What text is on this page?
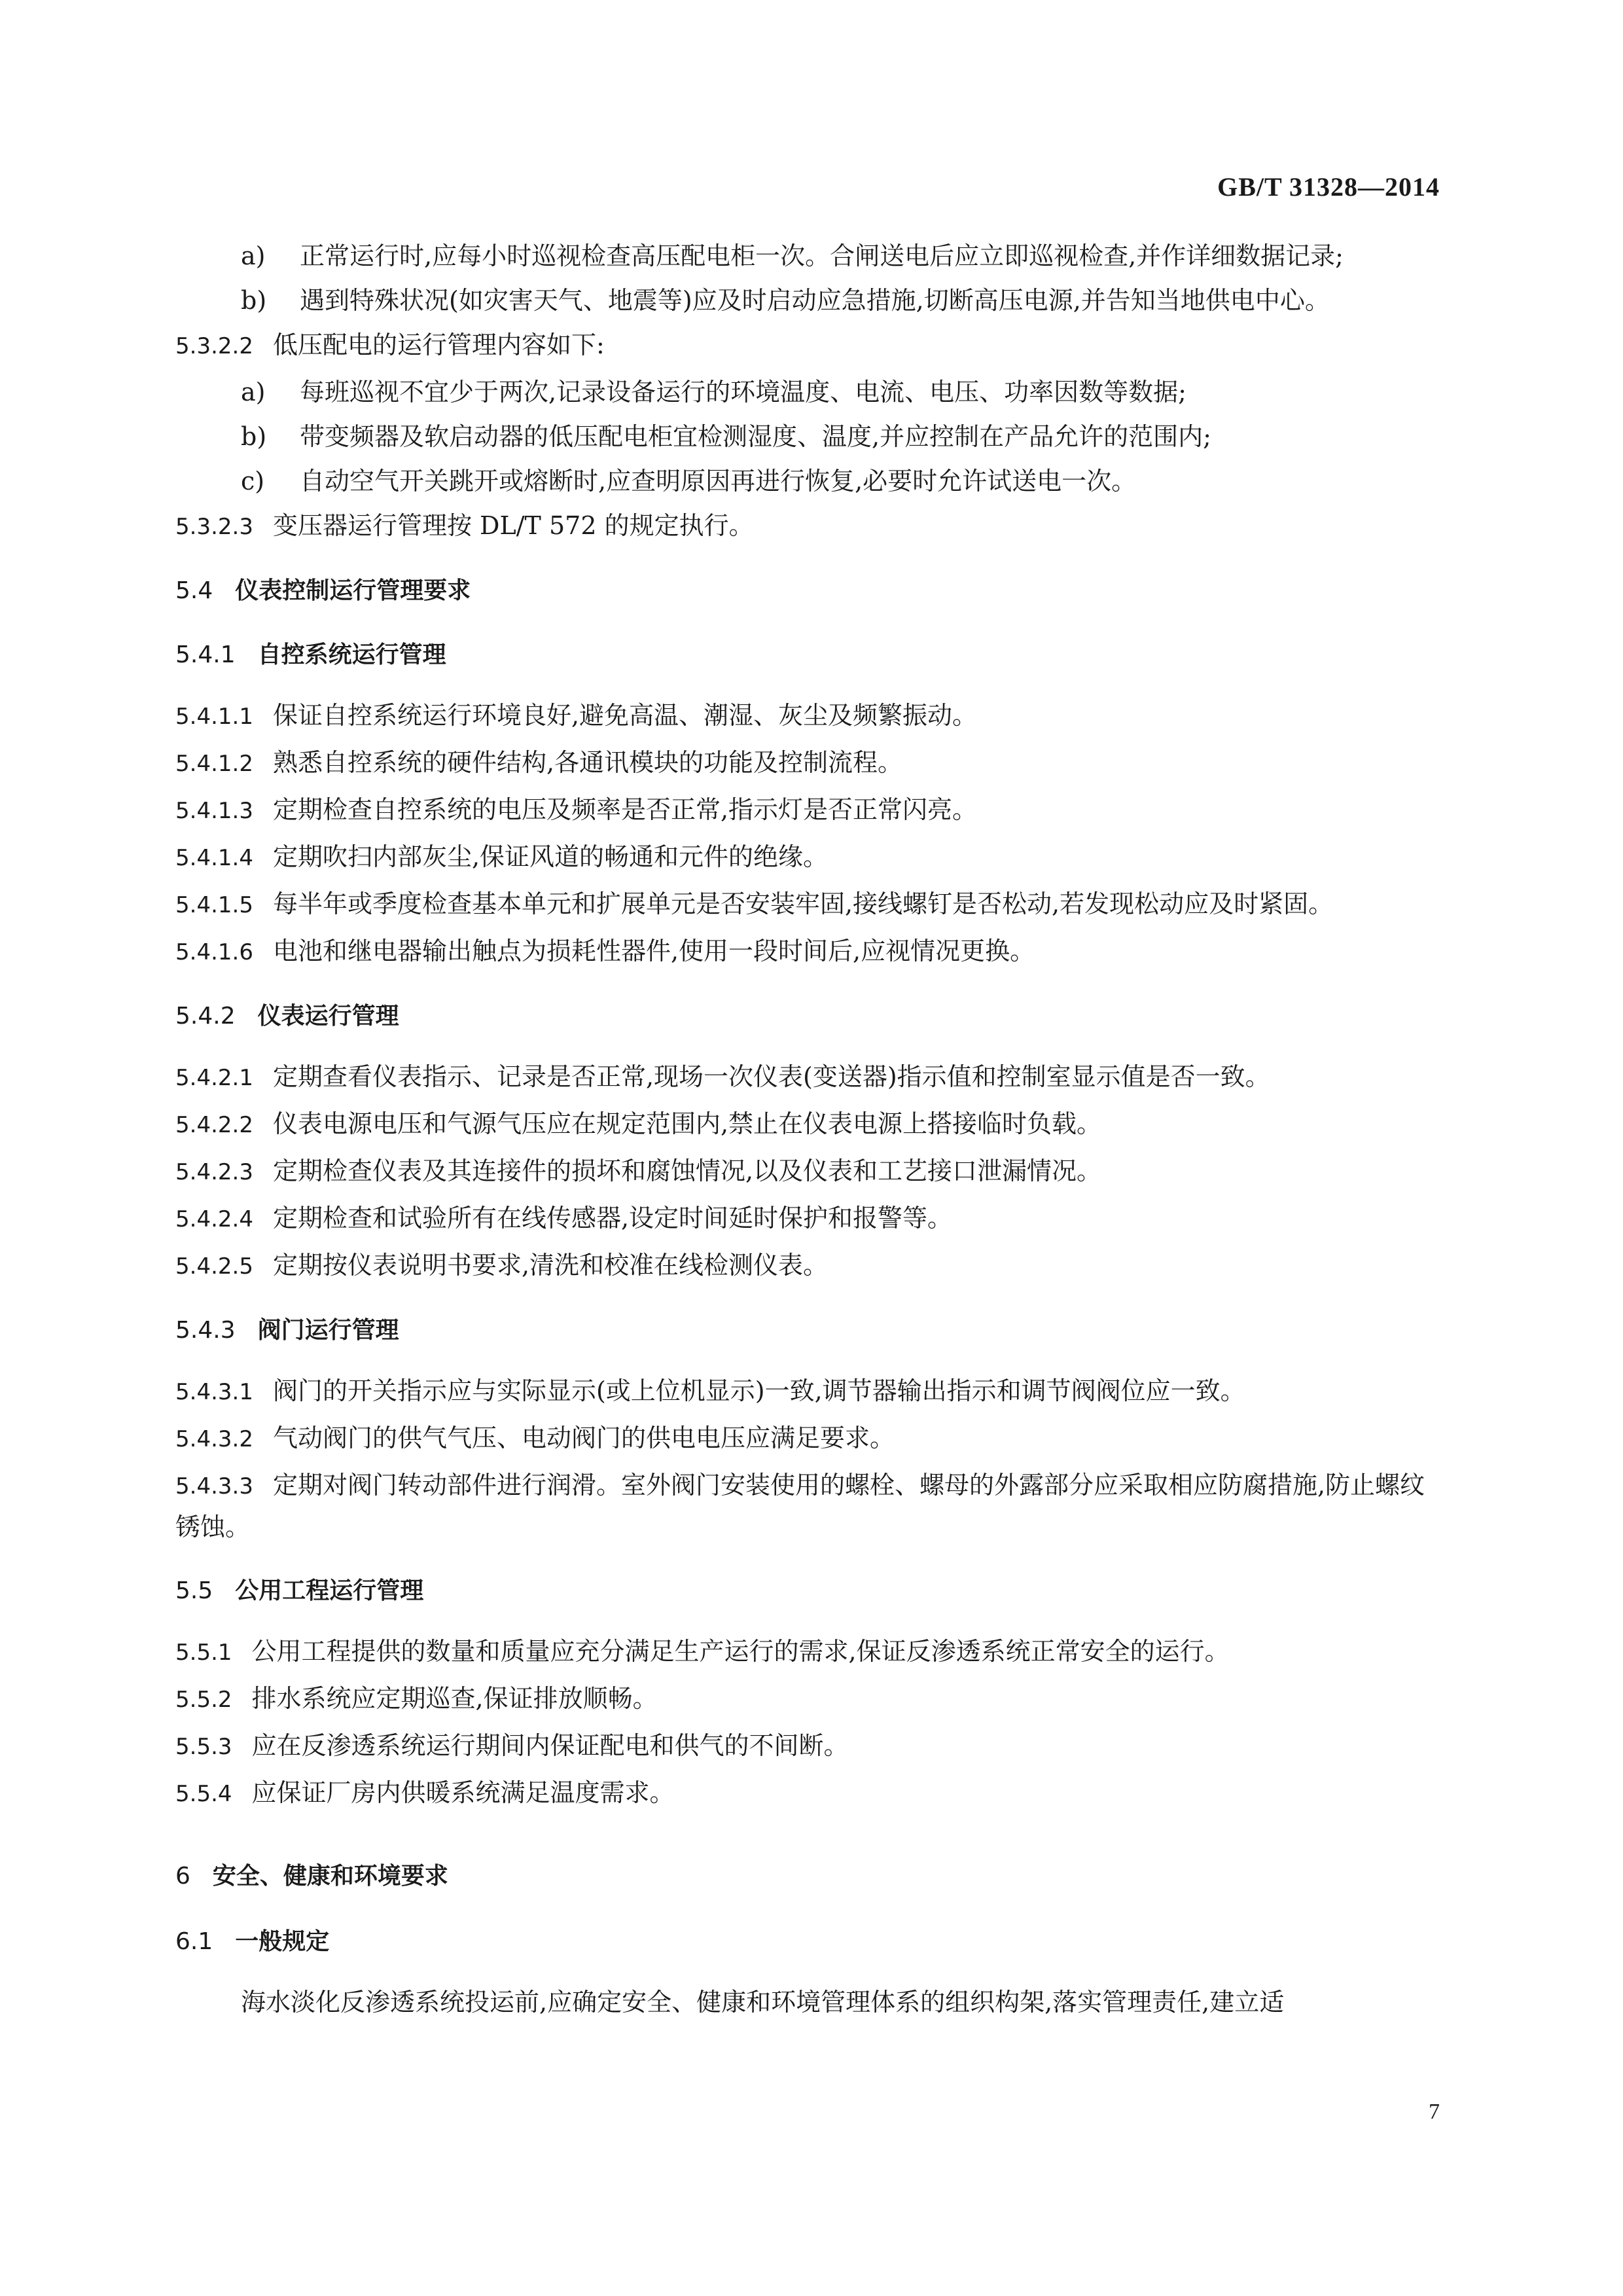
GB/T 31328—2014
a) 正常运行时,应每小时巡视检查高压配电柜一次。合闸送电后应立即巡视检查,并作详细数据记录;
b) 遇到特殊状况(如灾害天气、地震等)应及时启动应急措施,切断高压电源,并告知当地供电中心。

5.3.2.2 低压配电的运行管理内容如下:

a) 每班巡视不宜少于两次,记录设备运行的环境温度、电流、电压、功率因数等数据;
b) 带变频器及软启动器的低压配电柜宜检测湿度、温度,并应控制在产品允许的范围内;
c) 自动空气开关跳开或熔断时,应查明原因再进行恢复,必要时允许试送电一次。

5.3.2.3 变压器运行管理按 DL/T 572 的规定执行。

5.4 仪表控制运行管理要求
5.4.1 自控系统运行管理

5.4.1.1 保证自控系统运行环境良好,避免高温、潮湿、灰尘及频繁振动。

5.4.1.2 熟悉自控系统的硬件结构,各通讯模块的功能及控制流程。

5.4.1.3 定期检查自控系统的电压及频率是否正常,指示灯是否正常闪亮。

5.4.1.4 定期吹扫内部灰尘,保证风道的畅通和元件的绝缘。

5.4.1.5 每半年或季度检查基本单元和扩展单元是否安装牢固,接线螺钉是否松动,若发现松动应及时紧固。

5.4.1.6 电池和继电器输出触点为损耗性器件,使用一段时间后,应视情况更换。

5.4.2 仪表运行管理

5.4.2.1 定期查看仪表指示、记录是否正常,现场一次仪表(变送器)指示值和控制室显示值是否一致。

5.4.2.2 仪表电源电压和气源气压应在规定范围内,禁止在仪表电源上搭接临时负载。

5.4.2.3 定期检查仪表及其连接件的损坏和腐蚀情况,以及仪表和工艺接口泄漏情况。

5.4.2.4 定期检查和试验所有在线传感器,设定时间延时保护和报警等。

5.4.2.5 定期按仪表说明书要求,清洗和校准在线检测仪表。

5.4.3 阀门运行管理

5.4.3.1 阀门的开关指示应与实际显示(或上位机显示)一致,调节器输出指示和调节阀阀位应一致。

5.4.3.2 气动阀门的供气气压、电动阀门的供电电压应满足要求。

5.4.3.3 定期对阀门转动部件进行润滑。室外阀门安装使用的螺栓、螺母的外露部分应采取相应防腐措施,防止螺纹锈蚀。

5.5 公用工程运行管理

5.5.1 公用工程提供的数量和质量应充分满足生产运行的需求,保证反渗透系统正常安全的运行。

5.5.2 排水系统应定期巡查,保证排放顺畅。

5.5.3 应在反渗透系统运行期间内保证配电和供气的不间断。

5.5.4 应保证厂房内供暖系统满足温度需求。

6 安全、健康和环境要求
6.1 一般规定

海水淡化反渗透系统投运前,应确定安全、健康和环境管理体系的组织构架,落实管理责任,建立适

7
